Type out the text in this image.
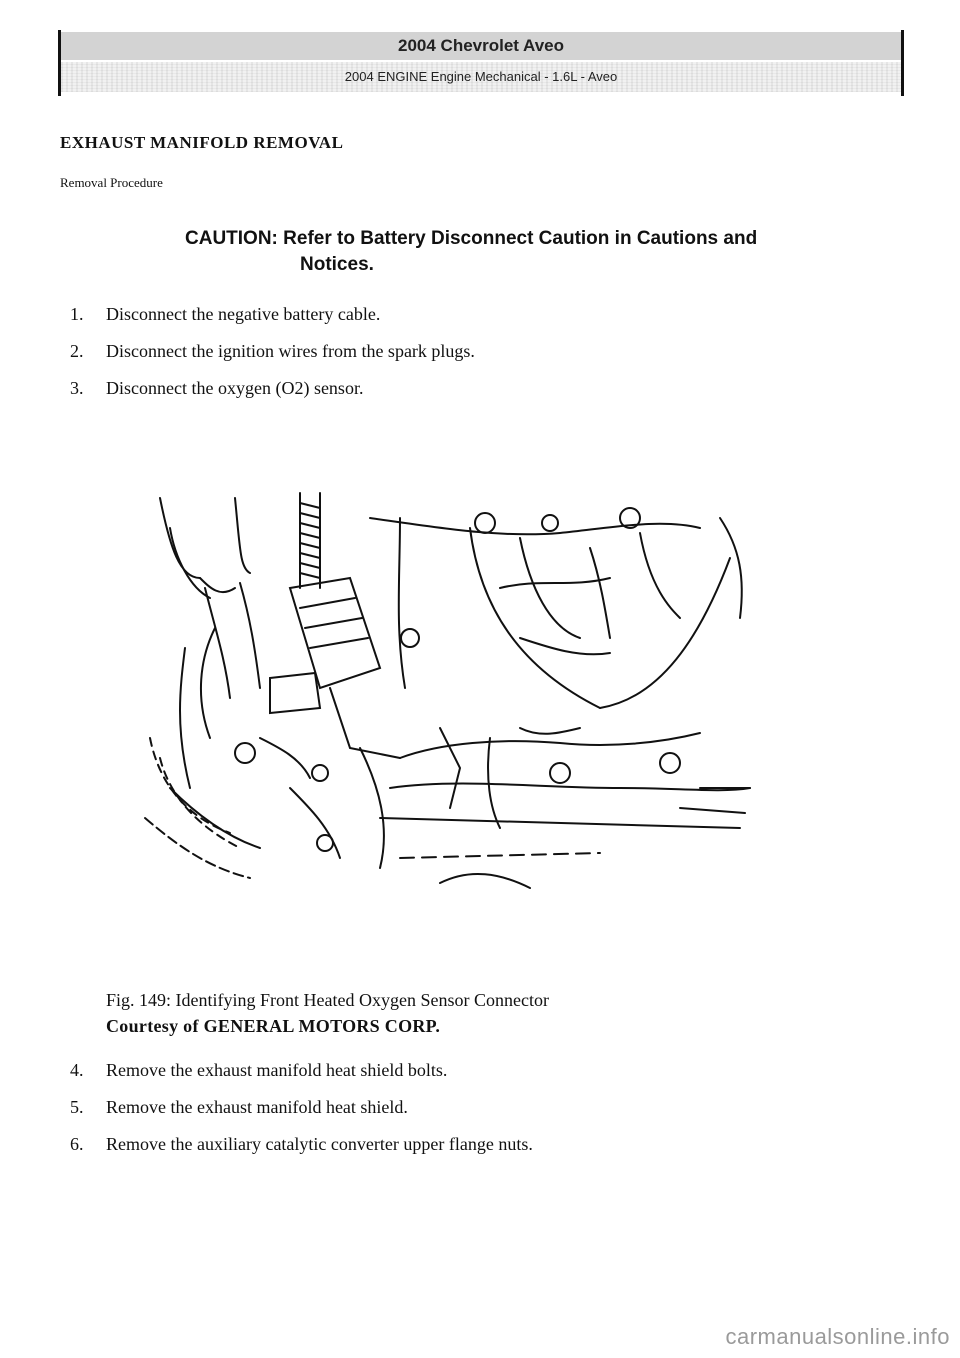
2004 Chevrolet Aveo
2004 ENGINE Engine Mechanical - 1.6L - Aveo
EXHAUST MANIFOLD REMOVAL
Removal Procedure
CAUTION: Refer to Battery Disconnect Caution in Cautions and
Notices.
1.	Disconnect the negative battery cable.
2.	Disconnect the ignition wires from the spark plugs.
3.	Disconnect the oxygen (O2) sensor.
Fig. 149: Identifying Front Heated Oxygen Sensor Connector
Courtesy of GENERAL MOTORS CORP.
4.	Remove the exhaust manifold heat shield bolts.
5.	Remove the exhaust manifold heat shield.
6.	Remove the auxiliary catalytic converter upper flange nuts.
carmanualsonline.info
